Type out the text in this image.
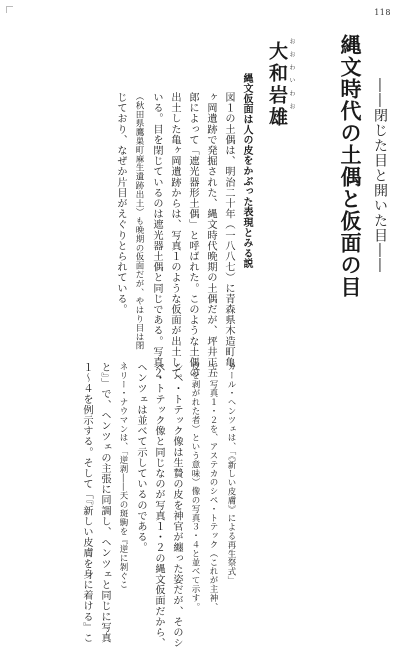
118
縄文時代の土偶と仮面の目 ――閉じた目と開いた目――
おおわいわお
大和岩雄
縄文仮面は人の皮をかぶった表現とみる説
図１の土偶は、明治二十年（一八八七）に青森県木造町亀
ヶ岡遺跡で発掘された、縄文時代晩期の土偶だが、坪井正五
郎によって「遮光器形土偶」と呼ばれた。このような土偶の
出土した亀ヶ岡遺跡からは、写真１のような仮面が出土して
いる。目を閉じているのは遮光器土偶と同じである。写真２
（秋田県鷹巣町麻生遺跡出土）も晩期の仮面だが、やはり目は閉
じており、なぜか片目がえぐりとられている。
カール・ヘンツェは、「《新しい皮膚》による再生祭式」
で、写真１・２を、アステカのシペ・トテック（これが主神、
皮を剥がれた者）という意味）像の写真３・４と並べて示す。
シペ・トテック像は生贄の皮を神官が纏った姿だが、そのシ
ペ・トテック像と同じなのが写真１・２の縄文仮面だから、
ヘンツェは並べて示しているのである。
ネリー・ナウマンは、「逆剥――天の斑駒を『逆に剝ぐこ
と』」で、ヘンツェの主張に同調し、ヘンツェと同じに写真
１～４を例示する。そして「『新しい皮膚を身に着ける』こ
